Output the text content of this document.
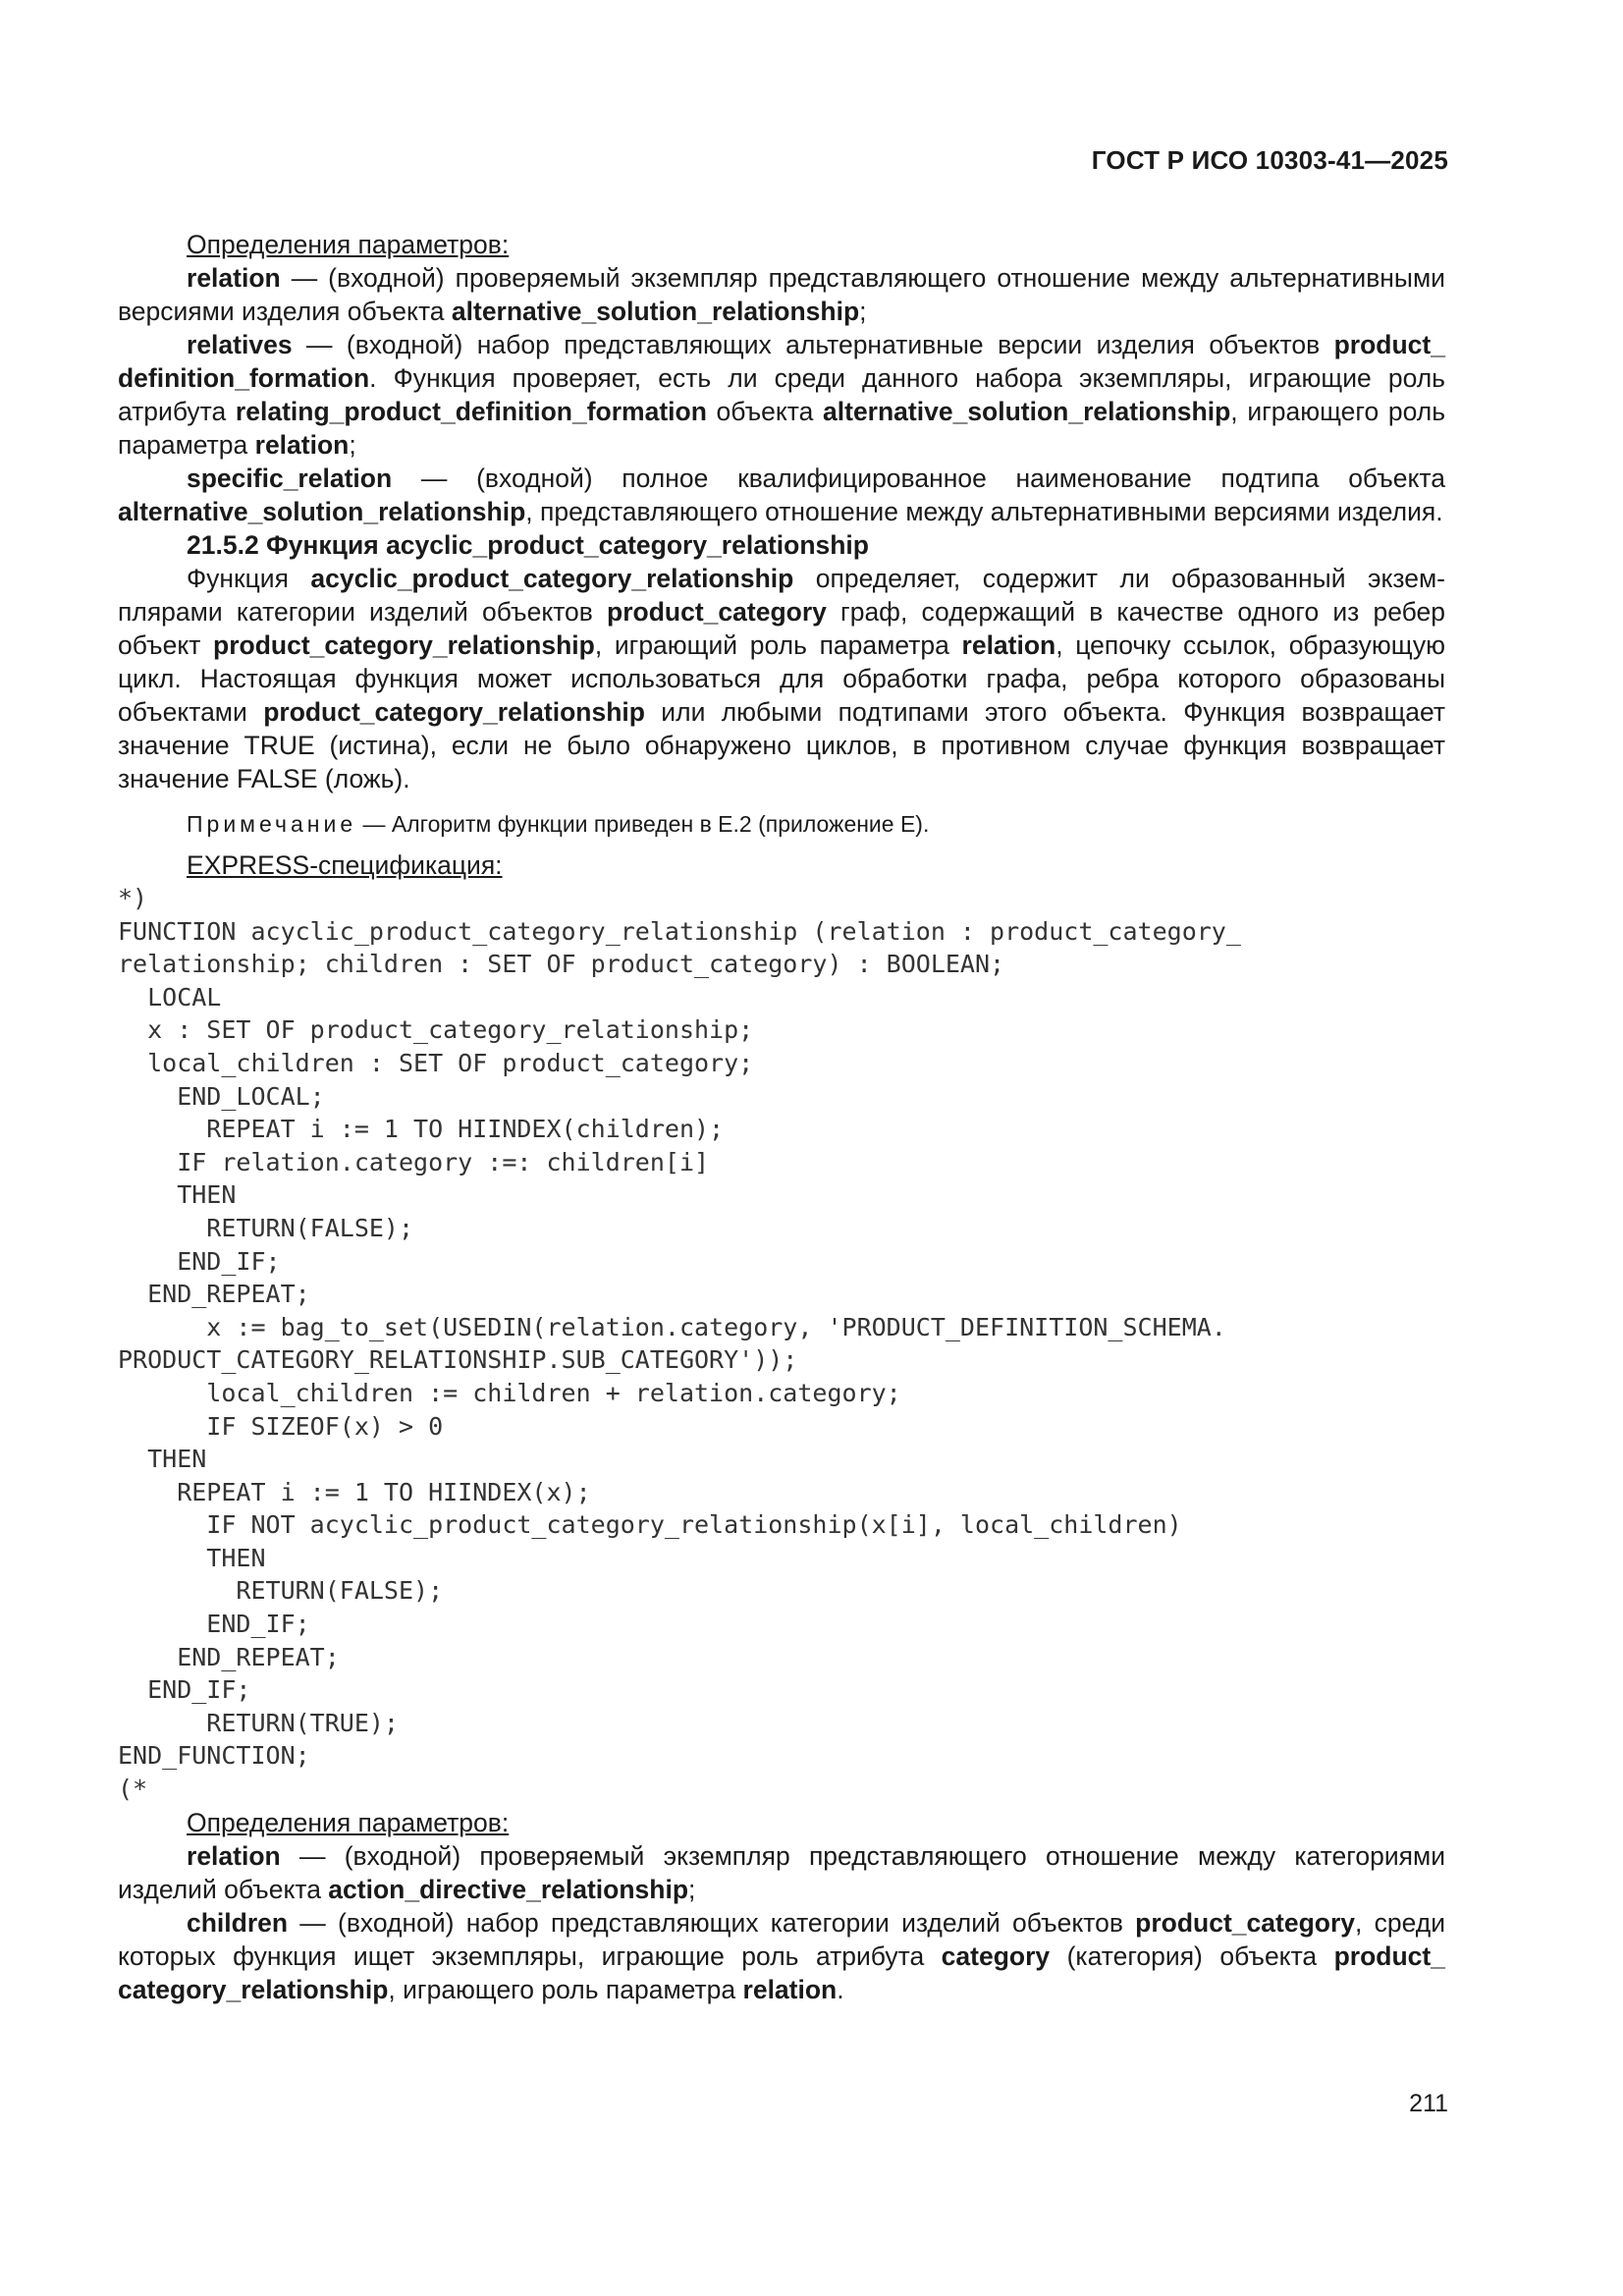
ГОСТ Р ИСО 10303-41—2025

Определения параметров:

relation — (входной) проверяемый экземпляр представляющего отношение между альтернативными версиями изделия объекта alternative_solution_relationship;

relatives — (входной) набор представляющих альтернативные версии изделия объектов product_ definition_formation. Функция проверяет, есть ли среди данного набора экземпляры, играющие роль атрибута relating_product_definition_formation объекта alternative_solution_relationship, играющего роль параметра relation;

specific_relation — (входной) полное квалифицированное наименование подтипа объекта alternative_solution_relationship, представляющего отношение между альтернативными версиями изделия.

21.5.2 Функция acyclic_product_category_relationship

Функция acyclic_product_category_relationship определяет, содержит ли образованный экземплярами категории изделий объектов product_category граф, содержащий в качестве одного из ребер объект product_category_relationship, играющий роль параметра relation, цепочку ссылок, образующую цикл. Настоящая функция может использоваться для обработки графа, ребра которого образованы объектами product_category_relationship или любыми подтипами этого объекта. Функция возвращает значение TRUE (истина), если не было обнаружено циклов, в противном случае функция возвращает значение FALSE (ложь).

Примечание — Алгоритм функции приведен в Е.2 (приложение Е).

EXPRESS-спецификация:

*)
FUNCTION acyclic_product_category_relationship (relation : product_category_
relationship; children : SET OF product_category) : BOOLEAN;
LOCAL
x : SET OF product_category_relationship;
local_children : SET OF product_category;
END_LOCAL;
REPEAT i := 1 TO HIINDEX(children);
IF relation.category :=: children[i]
THEN
RETURN(FALSE);
END_IF;
END_REPEAT;
x := bag_to_set(USEDIN(relation.category, 'PRODUCT_DEFINITION_SCHEMA.
PRODUCT_CATEGORY_RELATIONSHIP.SUB_CATEGORY'));
local_children := children + relation.category;
IF SIZEOF(x) > 0
THEN
REPEAT i := 1 TO HIINDEX(x);
IF NOT acyclic_product_category_relationship(x[i], local_children)
THEN
RETURN(FALSE);
END_IF;
END_REPEAT;
END_IF;
RETURN(TRUE);
END_FUNCTION;
(*

Определения параметров:

relation — (входной) проверяемый экземпляр представляющего отношение между категориями изделий объекта action_directive_relationship;

children — (входной) набор представляющих категории изделий объектов product_category, среди которых функция ищет экземпляры, играющие роль атрибута category (категория) объекта product_ category_relationship, играющего роль параметра relation.

211
